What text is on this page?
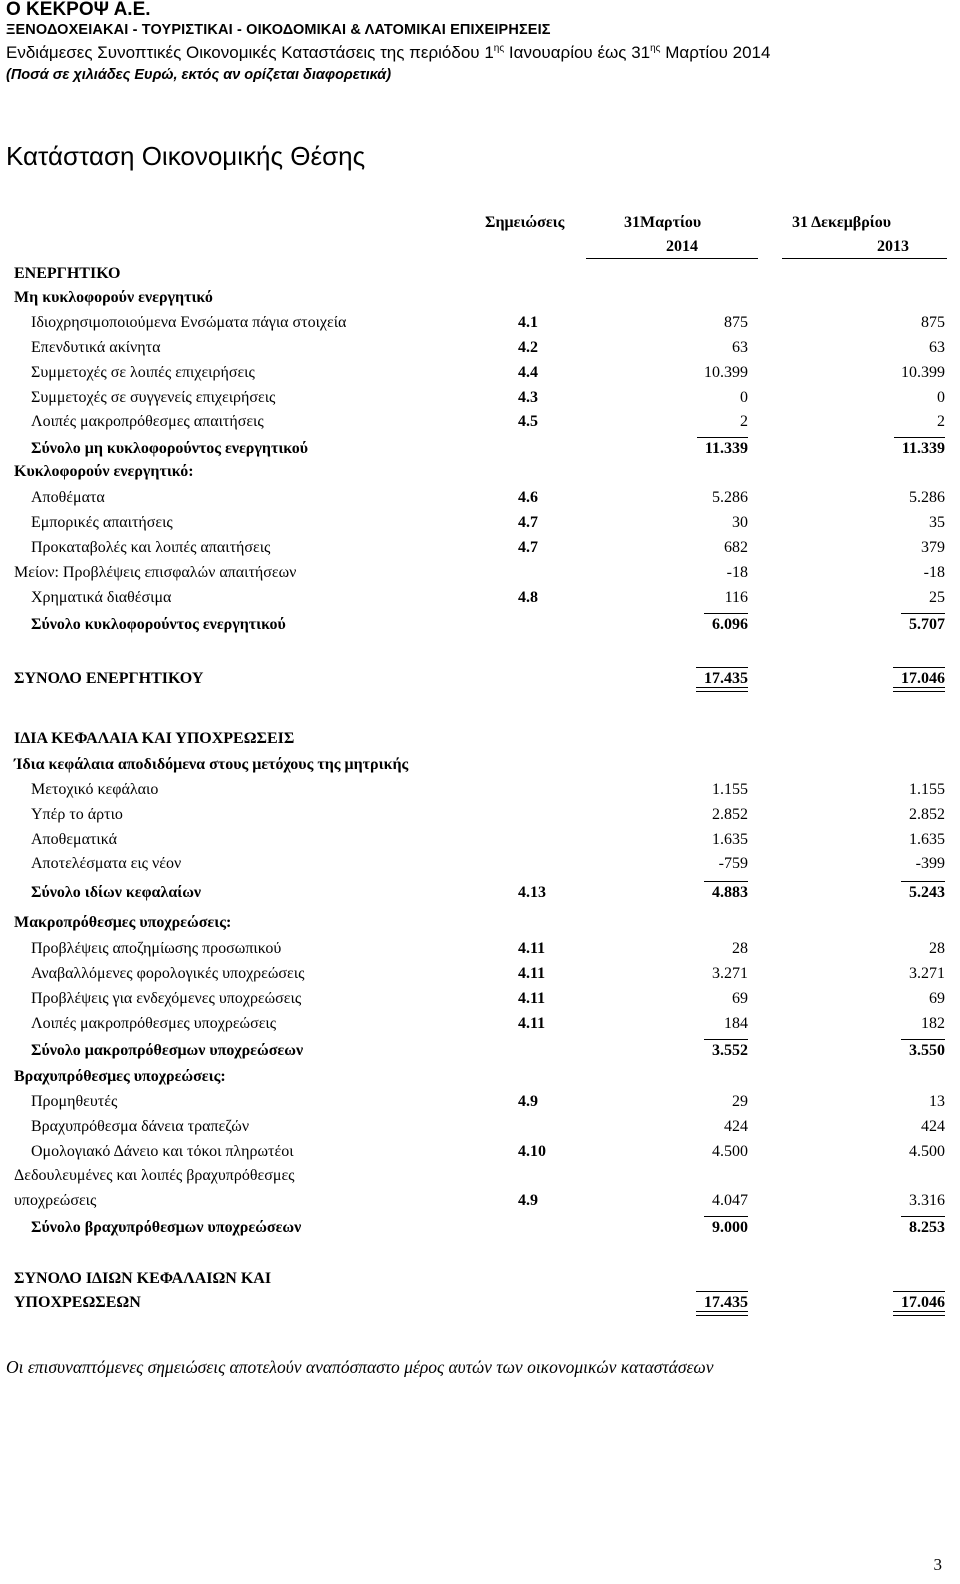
Ο ΚΕΚΡΟΨ Α.Ε.
ΞΕΝΟΔΟΧΕΙΑΚΑΙ - ΤΟΥΡΙΣΤΙΚΑΙ - ΟΙΚΟΔΟΜΙΚΑΙ & ΛΑΤΟΜΙΚΑΙ ΕΠΙΧΕΙΡΗΣΕΙΣ
Ενδιάμεσες Συνοπτικές Οικονομικές Καταστάσεις της περιόδου $1^{\eta\varsigma}$ Ιανουαρίου έως $31^{\eta\varsigma}$ Μαρτίου 2014
(Ποσά σε χιλιάδες Ευρώ, εκτός αν ορίζεται διαφορετικά)
Κατάσταση Οικονομικής Θέσης
Σημειώσεις	31Μαρτίου
2014
31 Δεκεμβρίου
2013
ΕΝΕΡΓΗΤΙΚΟ
Μη κυκλοφορούν ενεργητικό
Ιδιοχρησιμοποιούμενα Ενσώματα πάγια στοιχεία	4.1	875	875
Επενδυτικά ακίνητα	4.2	63	63
Συμμετοχές σε λοιπές επιχειρήσεις	4.4	10.399	10.399
Συμμετοχές σε συγγενείς επιχειρήσεις	4.3	0	0
Λοιπές μακροπρόθεσμες απαιτήσεις	4.5	2	2
Σύνολο μη κυκλοφορούντος ενεργητικού	11.339	11.339
Κυκλοφορούν ενεργητικό:
Αποθέματα	4.6	5.286	5.286
Εμπορικές απαιτήσεις	4.7	30	35
Προκαταβολές και λοιπές απαιτήσεις	4.7	682	379
Μείον: Προβλέψεις επισφαλών απαιτήσεων	-18	-18
Χρηματικά διαθέσιμα	4.8	116	25
Σύνολο κυκλοφορούντος ενεργητικού	6.096	5.707
ΣΥΝΟΛΟ ΕΝΕΡΓΗΤΙΚΟΥ	17.435	17.046
ΙΔΙΑ ΚΕΦΑΛΑΙΑ ΚΑΙ ΥΠΟΧΡΕΩΣΕΙΣ
Ίδια κεφάλαια αποδιδόμενα στους μετόχους της μητρικής
Μετοχικό κεφάλαιο	1.155	1.155
Υπέρ το άρτιο	2.852	2.852
Αποθεματικά	1.635	1.635
Αποτελέσματα εις νέον	-759	-399
Σύνολο ιδίων κεφαλαίων	4.13	4.883	5.243
Μακροπρόθεσμες υποχρεώσεις:
Προβλέψεις αποζημίωσης προσωπικού	4.11	28	28
Αναβαλλόμενες φορολογικές υποχρεώσεις	4.11	3.271	3.271
Προβλέψεις για ενδεχόμενες υποχρεώσεις	4.11	69	69
Λοιπές μακροπρόθεσμες υποχρεώσεις	4.11	184	182
Σύνολο μακροπρόθεσμων υποχρεώσεων	3.552	3.550
Βραχυπρόθεσμες υποχρεώσεις:
Προμηθευτές	4.9	29	13
Βραχυπρόθεσμα δάνεια τραπεζών	424	424
Ομολογιακό Δάνειο και τόκοι πληρωτέοι	4.10	4.500	4.500
Δεδουλευμένες και λοιπές βραχυπρόθεσμες
υποχρεώσεις	4.9	4.047	3.316
Σύνολο βραχυπρόθεσμων υποχρεώσεων	9.000	8.253
ΣΥΝΟΛΟ ΙΔΙΩΝ ΚΕΦΑΛΑΙΩΝ ΚΑΙ
ΥΠΟΧΡΕΩΣΕΩΝ	17.435	17.046
Οι επισυναπτόμενες σημειώσεις αποτελούν αναπόσπαστο μέρος αυτών των οικονομικών καταστάσεων
3
